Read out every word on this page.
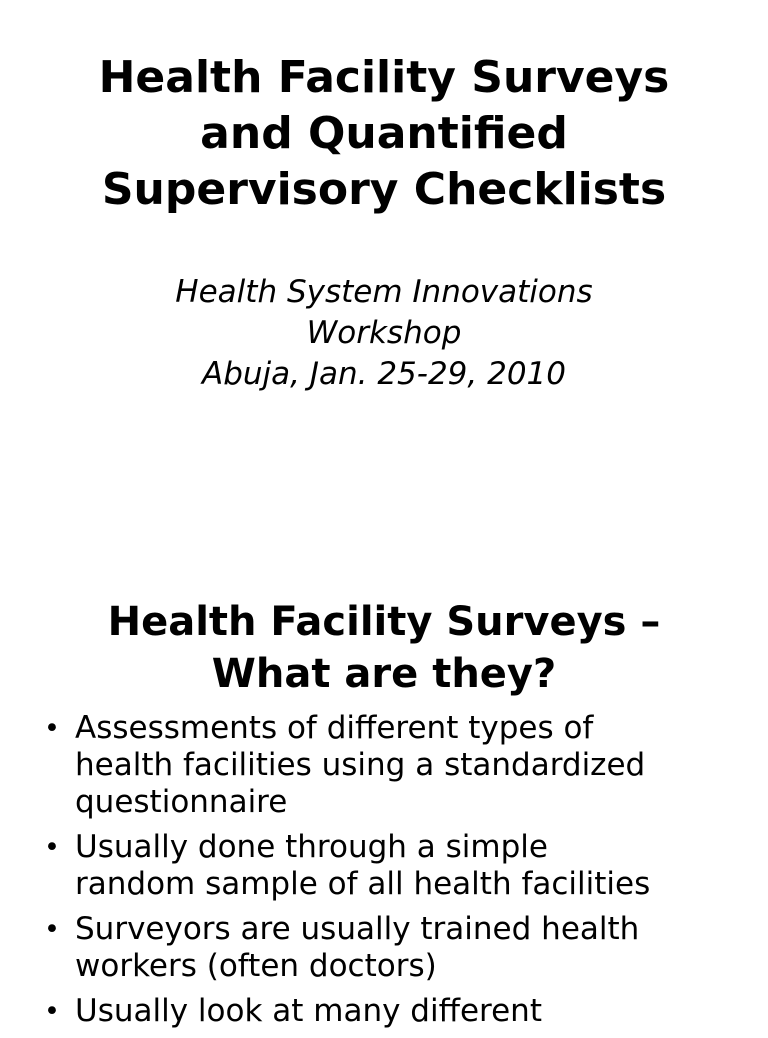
Health Facility Surveys
and Quantified
Supervisory Checklists
Health System Innovations
Workshop
Abuja, Jan. 25-29, 2010
Health Facility Surveys –
What are they?
• Assessments of different types of
health facilities using a standardized
questionnaire
• Usually done through a simple
random sample of all health facilities
• Surveyors are usually trained health
workers (often doctors)
• Usually look at many different
